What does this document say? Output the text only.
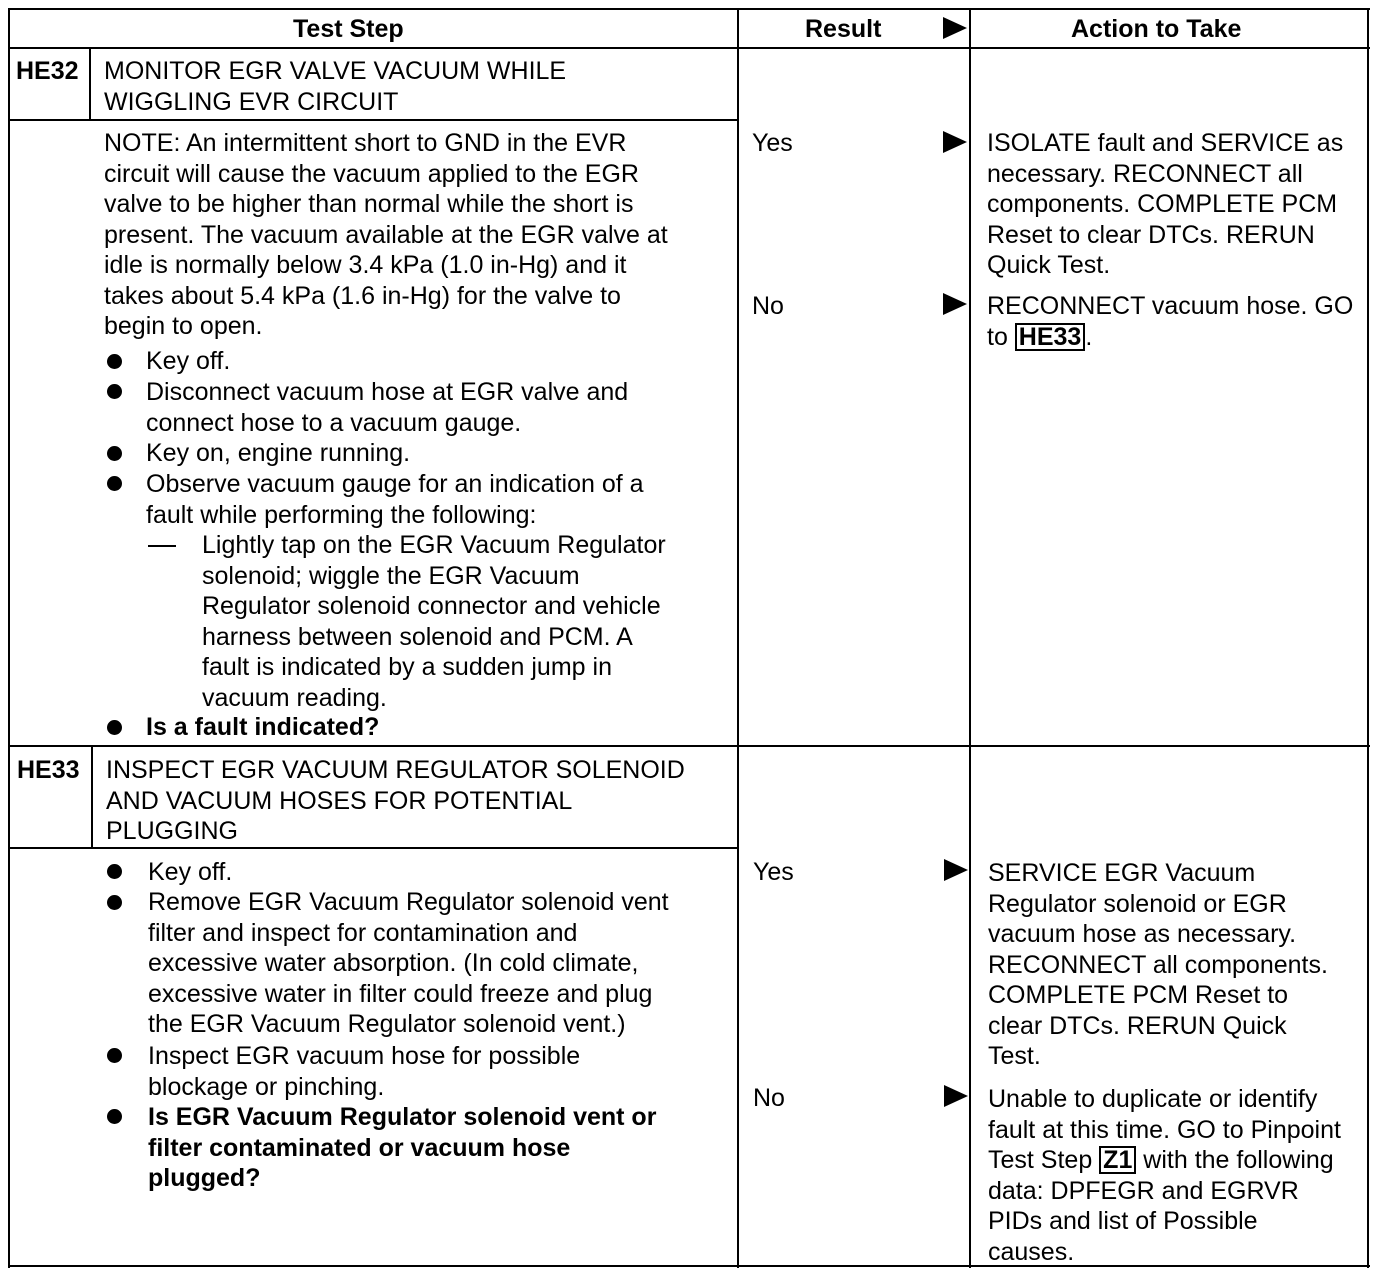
Test Step	Result	Action to Take
HE32 MONITOR EGR VALVE VACUUM WHILE
WIGGLING EVR CIRCUIT
NOTE: An intermittent short to GND in the EVR
circuit will cause the vacuum applied to the EGR
valve to be higher than normal while the short is
present. The vacuum available at the EGR valve at
idle is normally below 3.4 kPa (1.0 in-Hg) and it
takes about 5.4 kPa (1.6 in-Hg) for the valve to
begin to open.
Key off.
Disconnect vacuum hose at EGR valve and
connect hose to a vacuum gauge.
Key on, engine running.
Observe vacuum gauge for an indication of a
fault while performing the following:
Lightly tap on the EGR Vacuum Regulator
solenoid; wiggle the EGR Vacuum
Regulator solenoid connector and vehicle
harness between solenoid and PCM. A
fault is indicated by a sudden jump in
vacuum reading.
Is a fault indicated?
Yes	ISOLATE fault and SERVICE as
necessary. RECONNECT all
components. COMPLETE PCM
Reset to clear DTCs. RERUN
Quick Test.
No	RECONNECT vacuum hose. GO
to HE33 .
HE33 INSPECT EGR VACUUM REGULATOR SOLENOID
AND VACUUM HOSES FOR POTENTIAL
PLUGGING
Key off.
Remove EGR Vacuum Regulator solenoid vent
filter and inspect for contamination and
excessive water absorption. (In cold climate,
excessive water in filter could freeze and plug
the EGR Vacuum Regulator solenoid vent.)
Inspect EGR vacuum hose for possible
blockage or pinching.
Is EGR Vacuum Regulator solenoid vent or
filter contaminated or vacuum hose
plugged?
Yes	SERVICE EGR Vacuum
Regulator solenoid or EGR
vacuum hose as necessary.
RECONNECT all components.
COMPLETE PCM Reset to
clear DTCs. RERUN Quick
Test.
No	Unable to duplicate or identify
fault at this time. GO to Pinpoint
Test Step Z1 with the following
data: DPFEGR and EGRVR
PIDs and list of Possible
causes.
